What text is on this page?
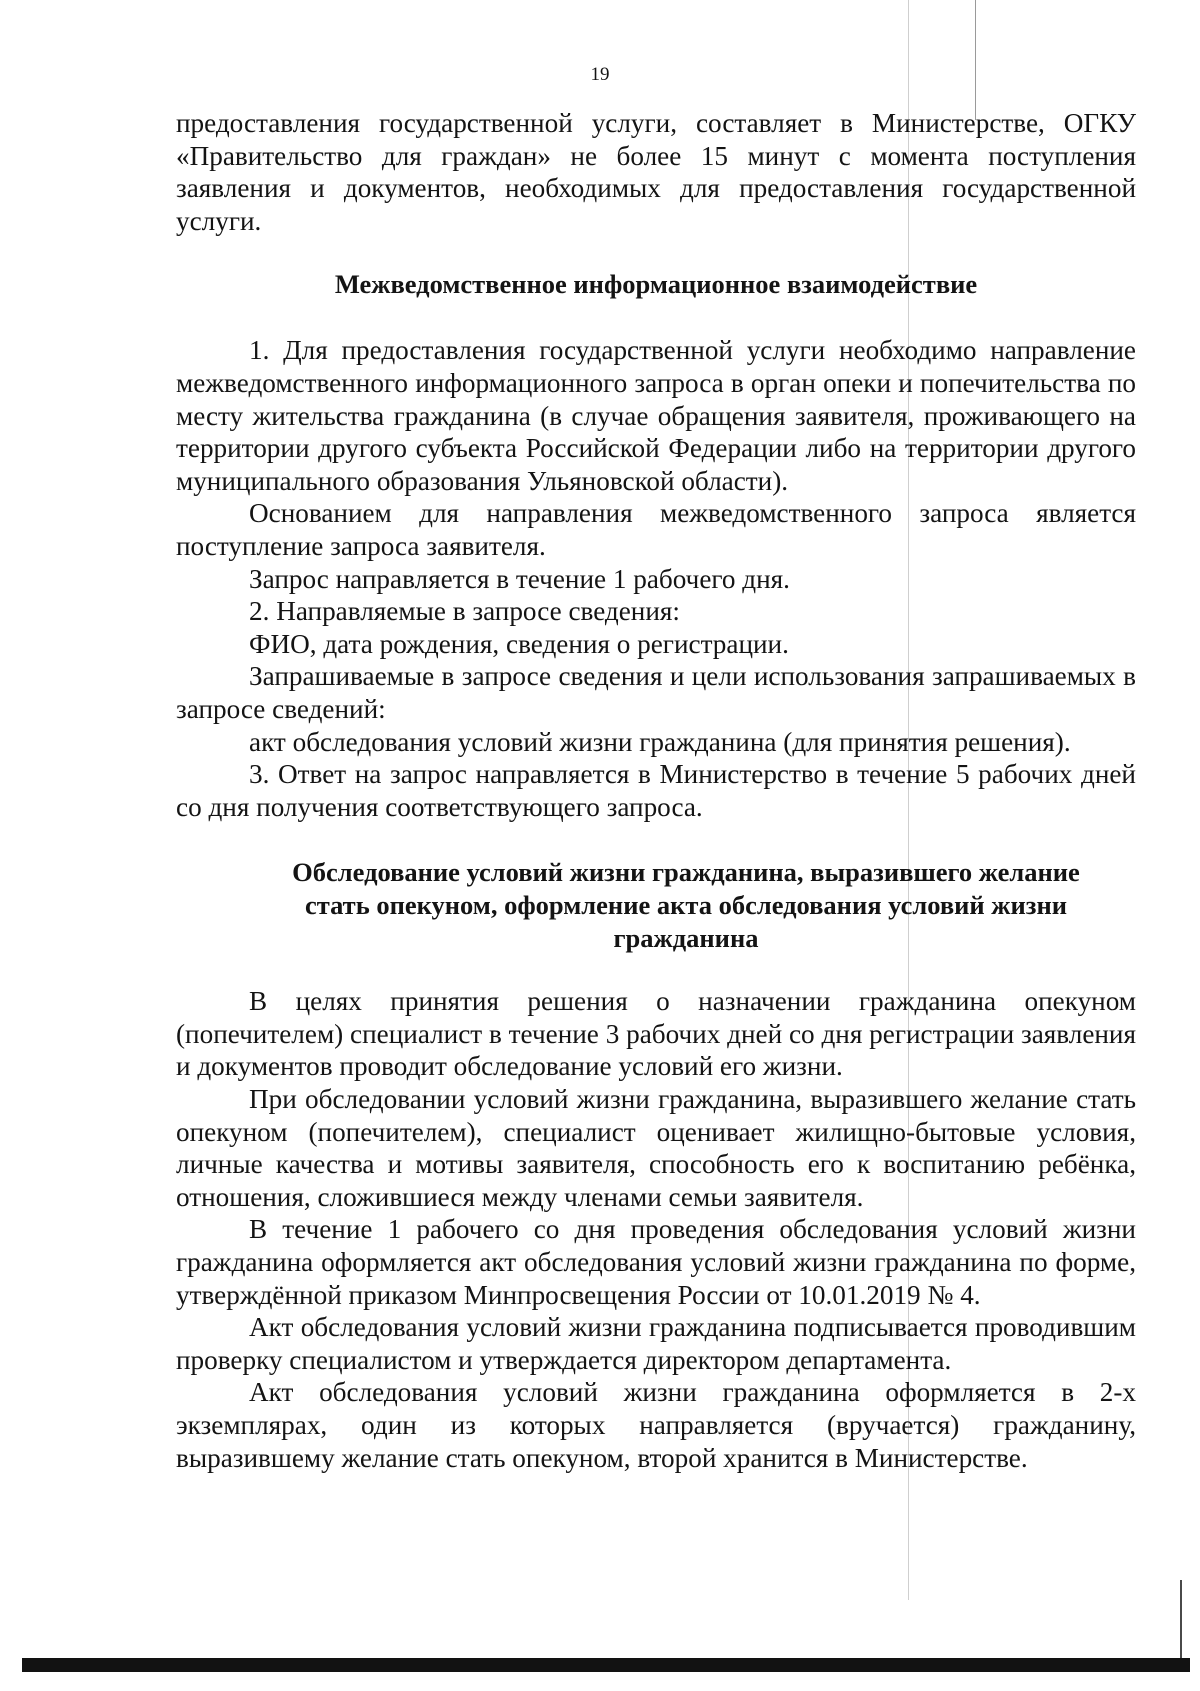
19

предоставления государственной услуги, составляет в Министерстве, ОГКУ «Правительство для граждан» не более 15 минут с момента поступления заявления и документов, необходимых для предоставления государственной услуги.

Межведомственное информационное взаимодействие

1. Для предоставления государственной услуги необходимо направление межведомственного информационного запроса в орган опеки и попечительства по месту жительства гражданина (в случае обращения заявителя, проживающего на территории другого субъекта Российской Федерации либо на территории другого муниципального образования Ульяновской области).

Основанием для направления межведомственного запроса является поступление запроса заявителя.

Запрос направляется в течение 1 рабочего дня.

2. Направляемые в запросе сведения:

ФИО, дата рождения, сведения о регистрации.

Запрашиваемые в запросе сведения и цели использования запрашиваемых в запросе сведений:

акт обследования условий жизни гражданина (для принятия решения).

3. Ответ на запрос направляется в Министерство в течение 5 рабочих дней со дня получения соответствующего запроса.

Обследование условий жизни гражданина, выразившего желание
стать опекуном, оформление акта обследования условий жизни
гражданина

В целях принятия решения о назначении гражданина опекуном (попечителем) специалист в течение 3 рабочих дней со дня регистрации заявления и документов проводит обследование условий его жизни.

При обследовании условий жизни гражданина, выразившего желание стать опекуном (попечителем), специалист оценивает жилищно-бытовые условия, личные качества и мотивы заявителя, способность его к воспитанию ребёнка, отношения, сложившиеся между членами семьи заявителя.

В течение 1 рабочего со дня проведения обследования условий жизни гражданина оформляется акт обследования условий жизни гражданина по форме, утверждённой приказом Минпросвещения России от 10.01.2019 № 4.

Акт обследования условий жизни гражданина подписывается проводившим проверку специалистом и утверждается директором департамента.

Акт обследования условий жизни гражданина оформляется в 2-х экземплярах, один из которых направляется (вручается) гражданину, выразившему желание стать опекуном, второй хранится в Министерстве.
